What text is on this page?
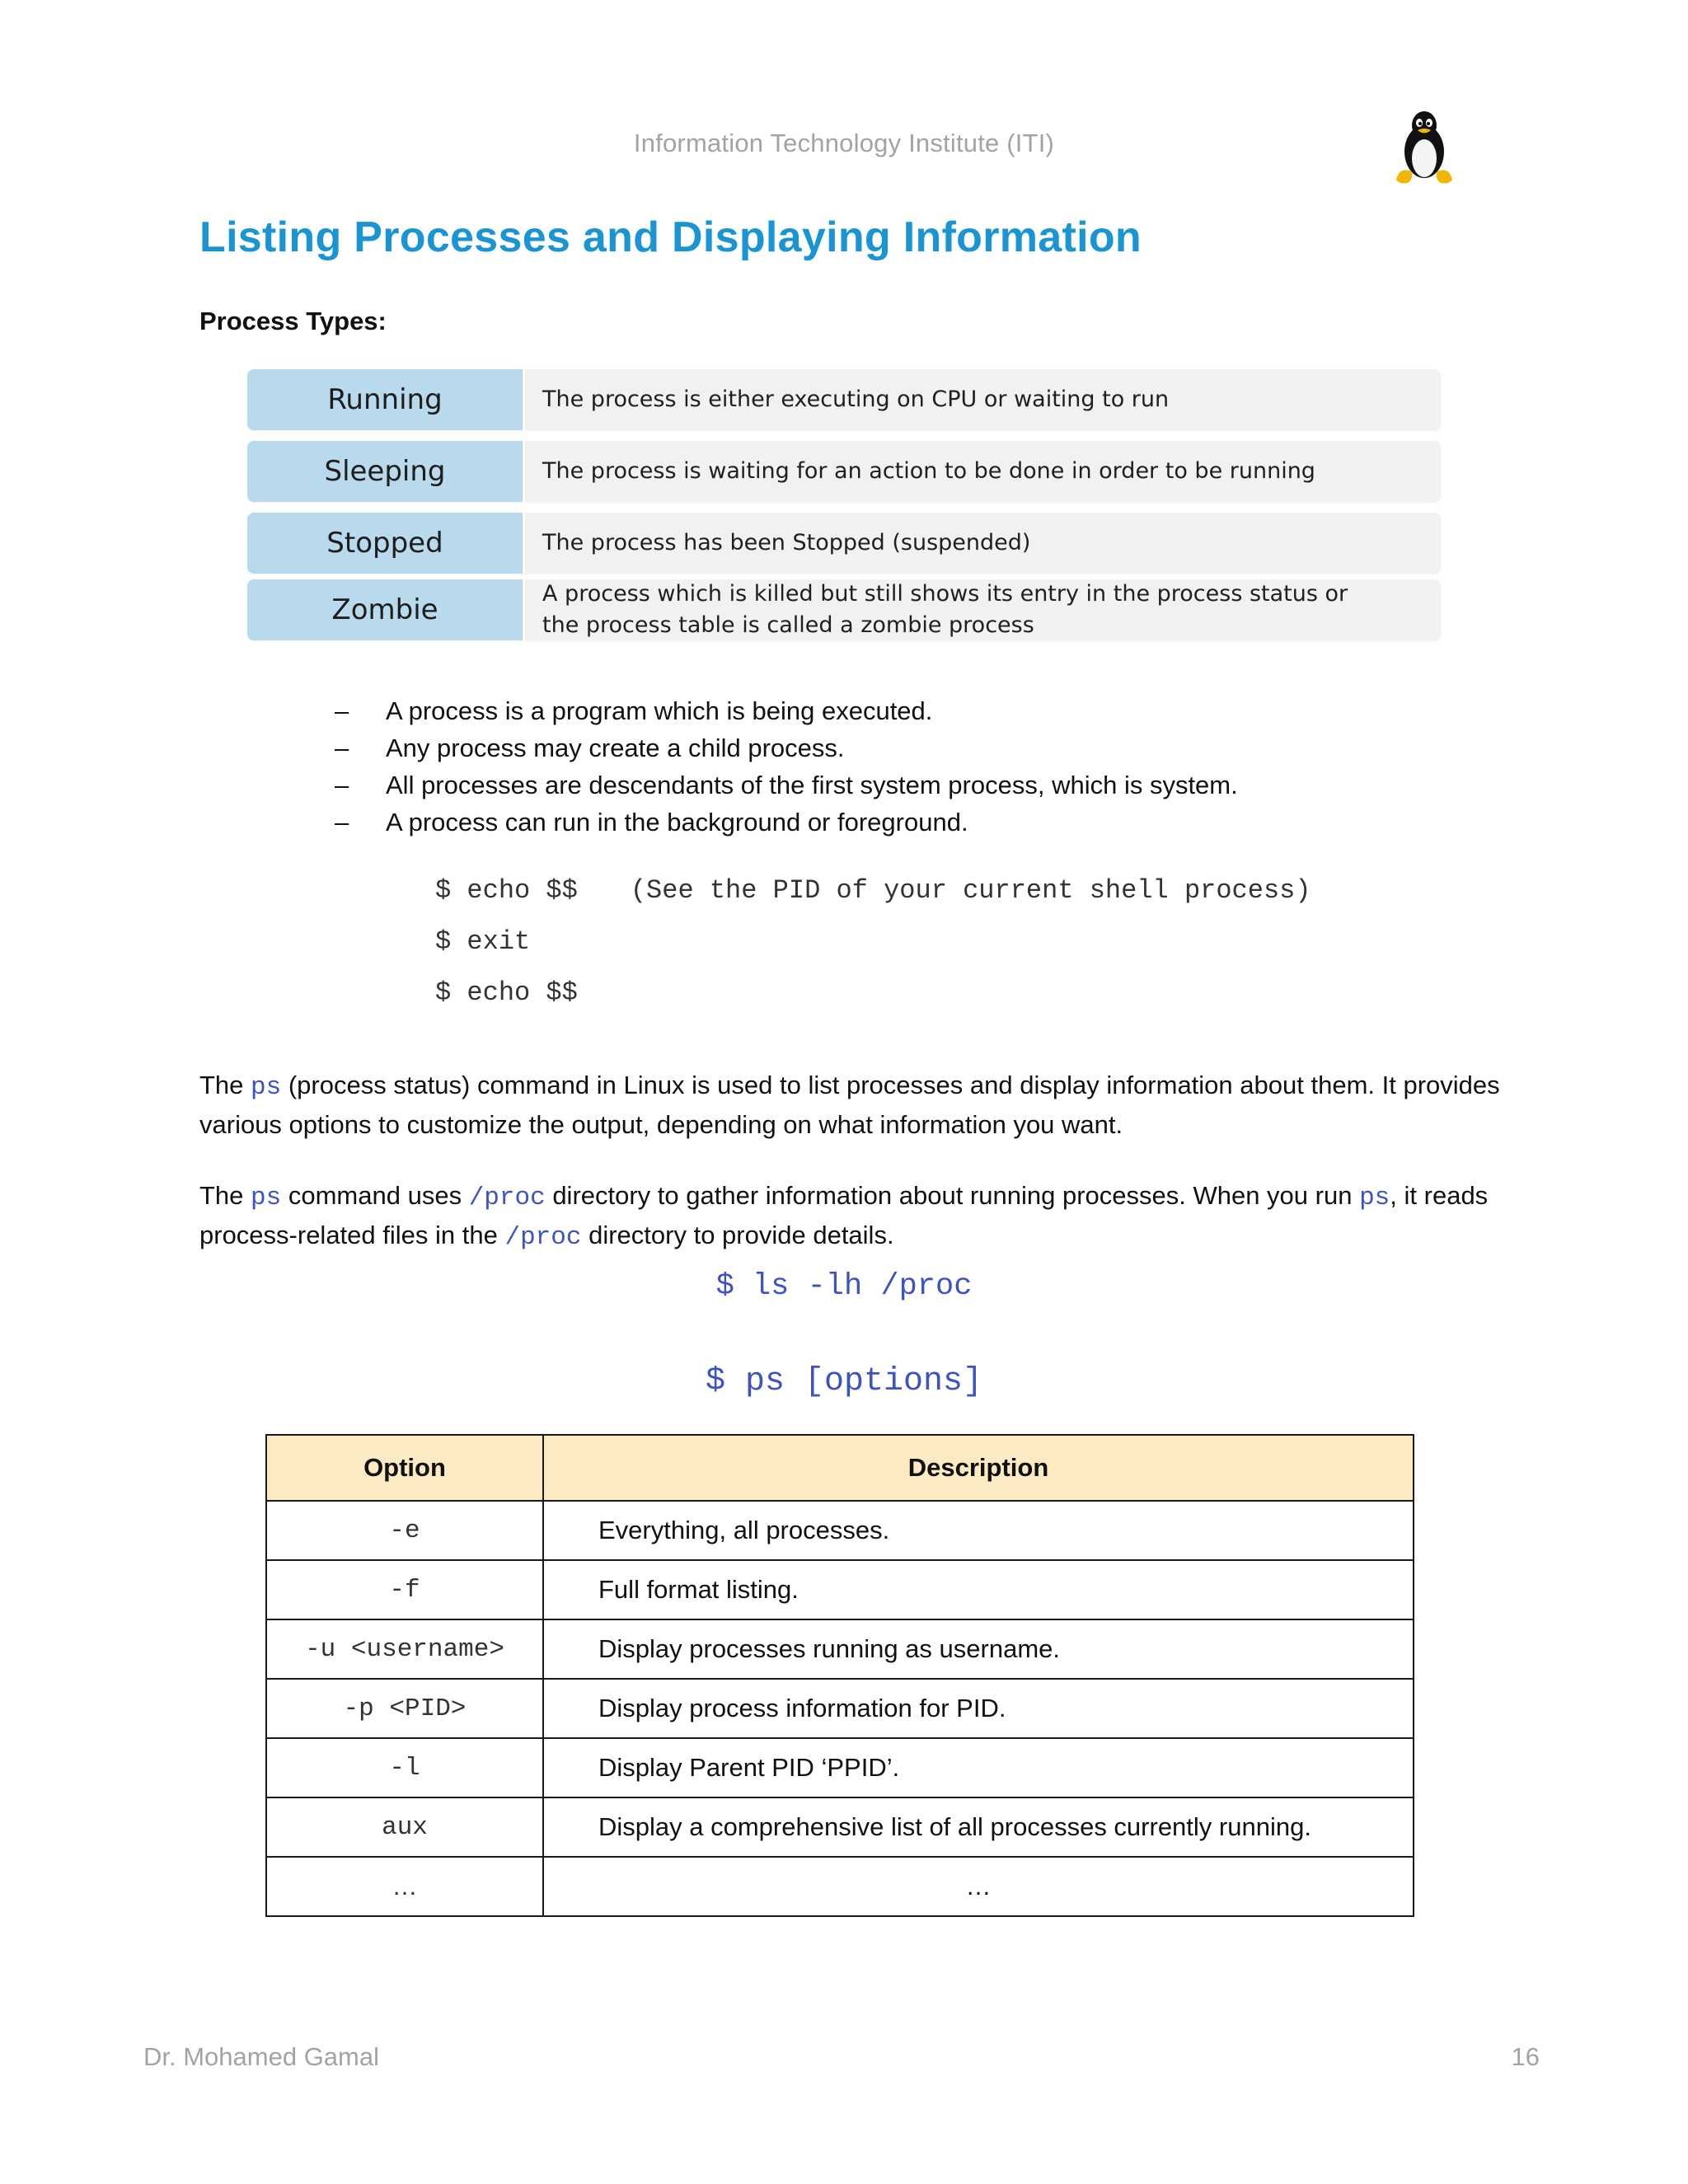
Information Technology Institute (ITI)
Listing Processes and Displaying Information
Process Types:
Running	The process is either executing on CPU or waiting to run
Sleeping	The process is waiting for an action to be done in order to be running
Stopped	The process has been Stopped (suspended)
Zombie	A process which is killed but still shows its entry in the process status or the process table is called a zombie process
– A process is a program which is being executed.
– Any process may create a child process.
– All processes are descendants of the first system process, which is system.
– A process can run in the background or foreground.
$ echo $$ (See the PID of your current shell process)
$ exit
$ echo $$

The ps (process status) command in Linux is used to list processes and display information about them. It provides various options to customize the output, depending on what information you want.

The ps command uses /proc directory to gather information about running processes. When you run ps, it reads process-related files in the /proc directory to provide details.

$ ls -lh /proc
$ ps [options]
Option	Description
-e	Everything, all processes.
-f	Full format listing.
-u <username>	Display processes running as username.
-p <PID>	Display process information for PID.
-l	Display Parent PID ‘PPID’.
aux	Display a comprehensive list of all processes currently running.
…	…
Dr. Mohamed Gamal	16
